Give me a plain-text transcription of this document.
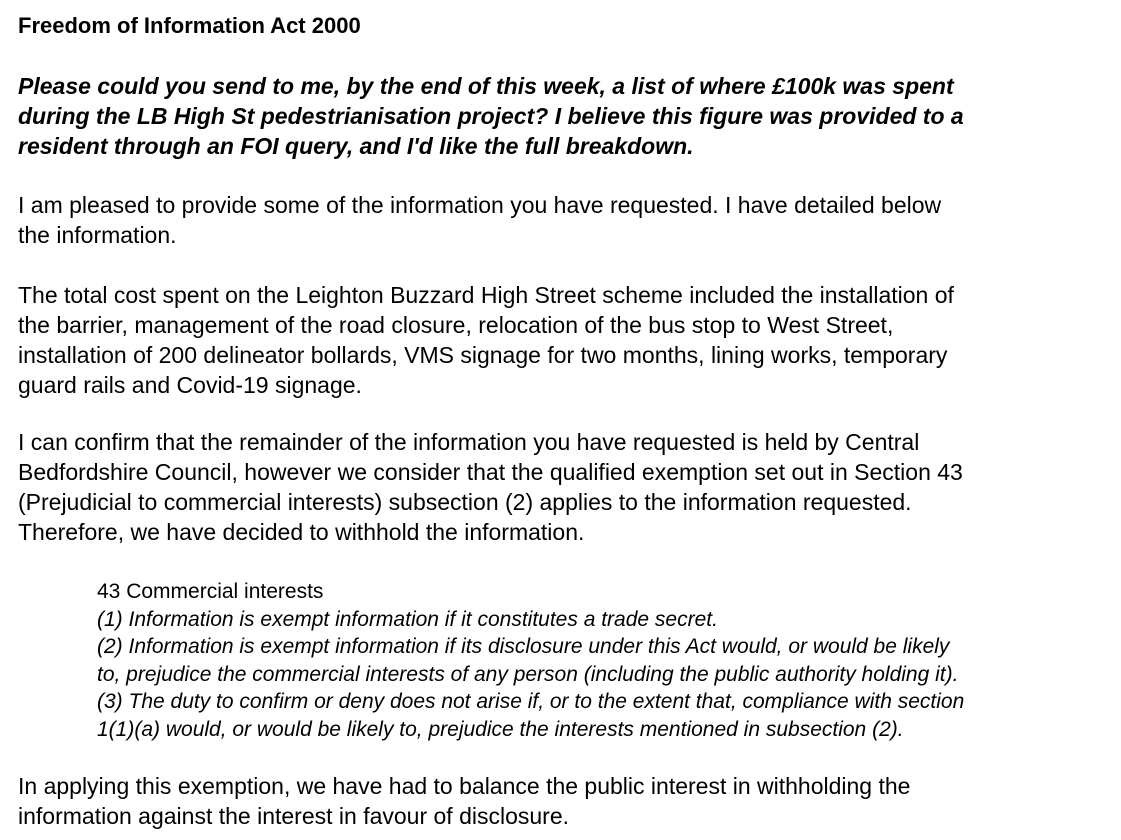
Freedom of Information Act 2000
Please could you send to me, by the end of this week, a list of where £100k was spent
during the LB High St pedestrianisation project? I believe this figure was provided to a
resident through an FOI query, and I'd like the full breakdown.
I am pleased to provide some of the information you have requested. I have detailed below
the information.
The total cost spent on the Leighton Buzzard High Street scheme included the installation of
the barrier, management of the road closure, relocation of the bus stop to West Street,
installation of 200 delineator bollards, VMS signage for two months, lining works, temporary
guard rails and Covid-19 signage.
I can confirm that the remainder of the information you have requested is held by Central
Bedfordshire Council, however we consider that the qualified exemption set out in Section 43
(Prejudicial to commercial interests) subsection (2) applies to the information requested.
Therefore, we have decided to withhold the information.
43 Commercial interests
(1) Information is exempt information if it constitutes a trade secret.
(2) Information is exempt information if its disclosure under this Act would, or would be likely
to, prejudice the commercial interests of any person (including the public authority holding it).
(3) The duty to confirm or deny does not arise if, or to the extent that, compliance with section
1(1)(a) would, or would be likely to, prejudice the interests mentioned in subsection (2).
In applying this exemption, we have had to balance the public interest in withholding the
information against the interest in favour of disclosure.
